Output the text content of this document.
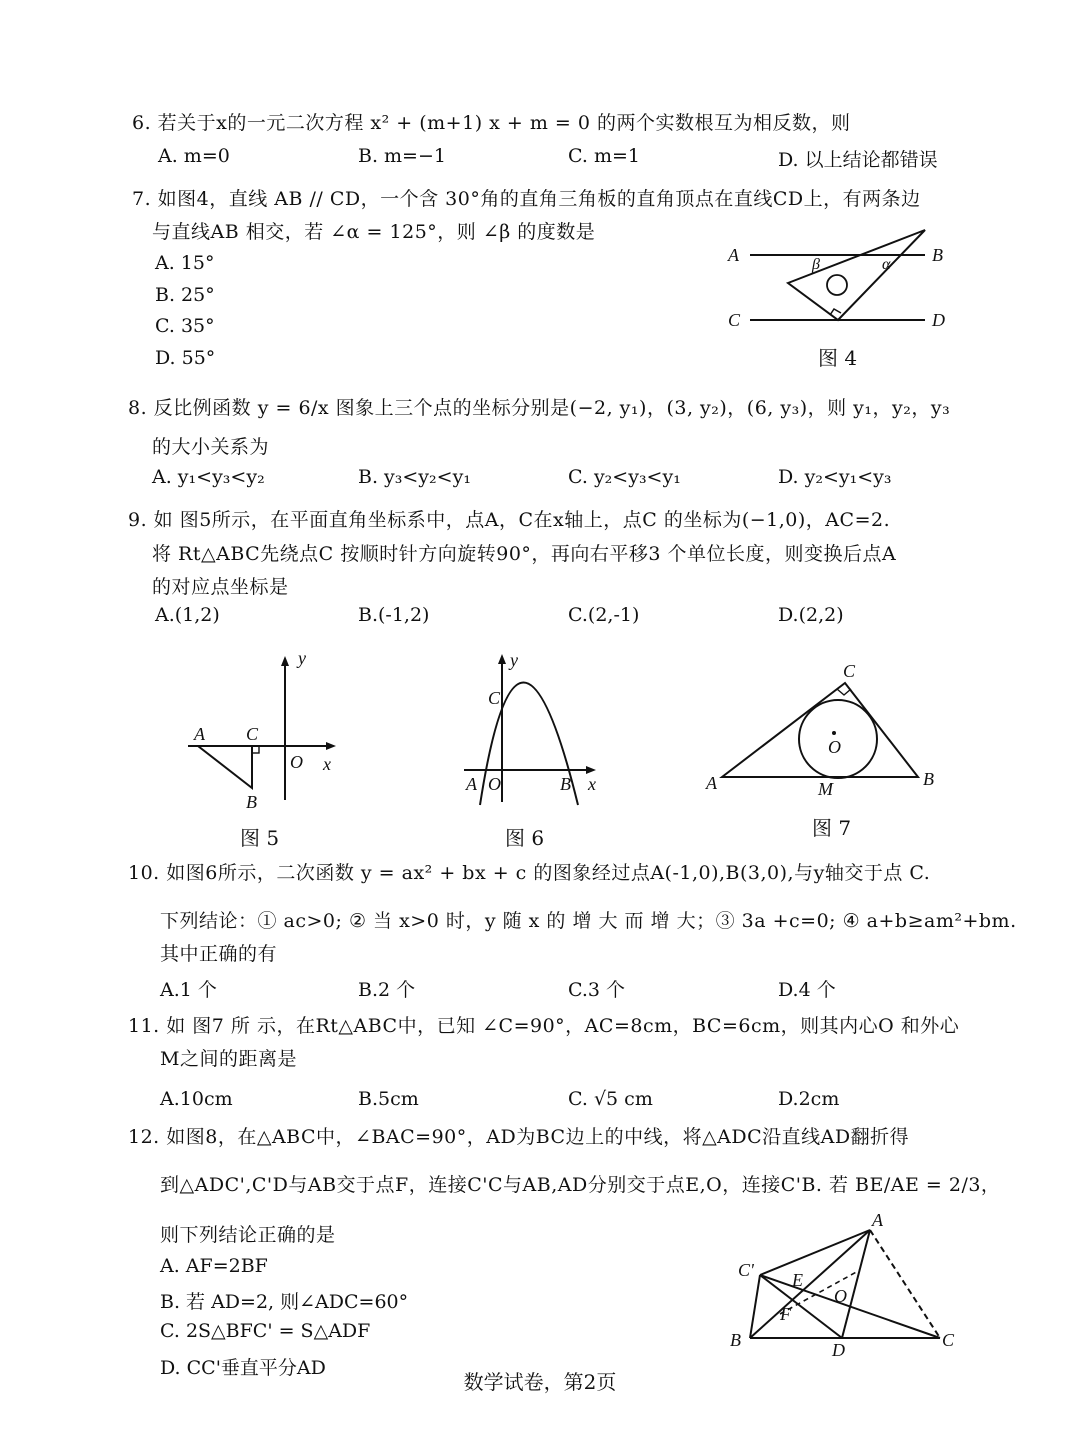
6. 若关于x的一元二次方程 x² + (m+1) x + m = 0 的两个实数根互为相反数，则
A. m=0	B. m=−1	C. m=1	D. 以上结论都错误
7. 如图4，直线 AB // CD，一个含 30°角的直角三角板的直角顶点在直线CD上，有两条边
与直线AB 相交，若 ∠α = 125°，则 ∠β 的度数是
A. 15°
B. 25°
C. 35°
D. 55°
A	B
C	D
β	α
图 4
8. 反比例函数 y = 6/x 图象上三个点的坐标分别是(−2, y₁)，(3, y₂)，(6, y₃)，则 y₁，y₂，y₃
的大小关系为
A. y₁<y₃<y₂	B. y₃<y₂<y₁	C. y₂<y₃<y₁	D. y₂<y₁<y₃
9. 如 图5所示，在平面直角坐标系中，点A，C在x轴上，点C 的坐标为(−1,0)，AC=2.
将 Rt△ABC先绕点C 按顺时针方向旋转90°，再向右平移3 个单位长度，则变换后点A
的对应点坐标是
A.(1,2)	B.(-1,2)	C.(2,-1)	D.(2,2)
y
A C
O x
B
图 5
y
C
A O	B x
图 6
C
O
A	M	B
图 7
10. 如图6所示，二次函数 y = ax² + bx + c 的图象经过点A(-1,0),B(3,0),与y轴交于点 C.
下列结论：① ac>0; ② 当 x>0 时，y 随 x 的 增 大 而 增 大；③ 3a +c=0; ④ a+b≥am²+bm.
其中正确的有
A.1 个	B.2 个	C.3 个	D.4 个
11. 如 图7 所 示，在Rt△ABC中，已知 ∠C=90°，AC=8cm，BC=6cm，则其内心O 和外心
M之间的距离是
A.10cm	B.5cm	C. √5 cm	D.2cm
12. 如图8，在△ABC中，∠BAC=90°，AD为BC边上的中线，将△ADC沿直线AD翻折得
到△ADC',C'D与AB交于点F，连接C'C与AB,AD分别交于点E,O，连接C'B. 若 BE/AE = 2/3，
则下列结论正确的是
A. AF=2BF
B. 若 AD=2, 则∠ADC=60°
C. 2S△BFC' = S△ADF
D. CC'垂直平分AD
A
C' E
O
F
B	D	C
数学试卷，第2页
